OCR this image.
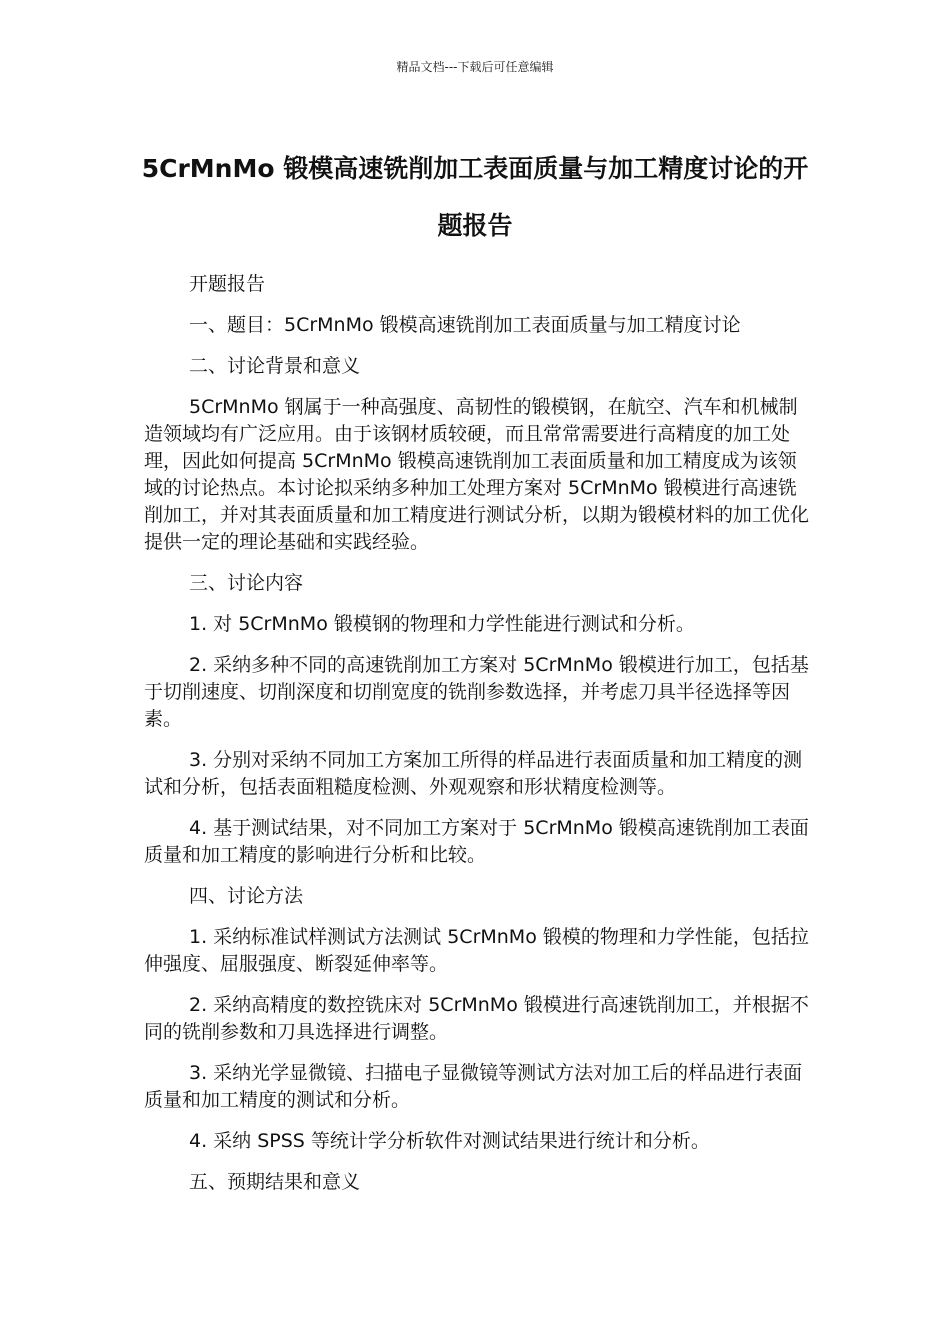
精品文档---下载后可任意编辑
5CrMnMo 锻模高速铣削加工表面质量与加工精度讨论的开题报告

开题报告

一、题目：5CrMnMo 锻模高速铣削加工表面质量与加工精度讨论

二、讨论背景和意义

5CrMnMo 钢属于一种高强度、高韧性的锻模钢，在航空、汽车和机械制造领域均有广泛应用。由于该钢材质较硬，而且常常需要进行高精度的加工处理，因此如何提高 5CrMnMo 锻模高速铣削加工表面质量和加工精度成为该领域的讨论热点。本讨论拟采纳多种加工处理方案对 5CrMnMo 锻模进行高速铣削加工，并对其表面质量和加工精度进行测试分析，以期为锻模材料的加工优化提供一定的理论基础和实践经验。

三、讨论内容

1. 对 5CrMnMo 锻模钢的物理和力学性能进行测试和分析。

2. 采纳多种不同的高速铣削加工方案对 5CrMnMo 锻模进行加工，包括基于切削速度、切削深度和切削宽度的铣削参数选择，并考虑刀具半径选择等因素。

3. 分别对采纳不同加工方案加工所得的样品进行表面质量和加工精度的测试和分析，包括表面粗糙度检测、外观观察和形状精度检测等。

4. 基于测试结果，对不同加工方案对于 5CrMnMo 锻模高速铣削加工表面质量和加工精度的影响进行分析和比较。

四、讨论方法

1. 采纳标准试样测试方法测试 5CrMnMo 锻模的物理和力学性能，包括拉伸强度、屈服强度、断裂延伸率等。

2. 采纳高精度的数控铣床对 5CrMnMo 锻模进行高速铣削加工，并根据不同的铣削参数和刀具选择进行调整。

3. 采纳光学显微镜、扫描电子显微镜等测试方法对加工后的样品进行表面质量和加工精度的测试和分析。

4. 采纳 SPSS 等统计学分析软件对测试结果进行统计和分析。

五、预期结果和意义
